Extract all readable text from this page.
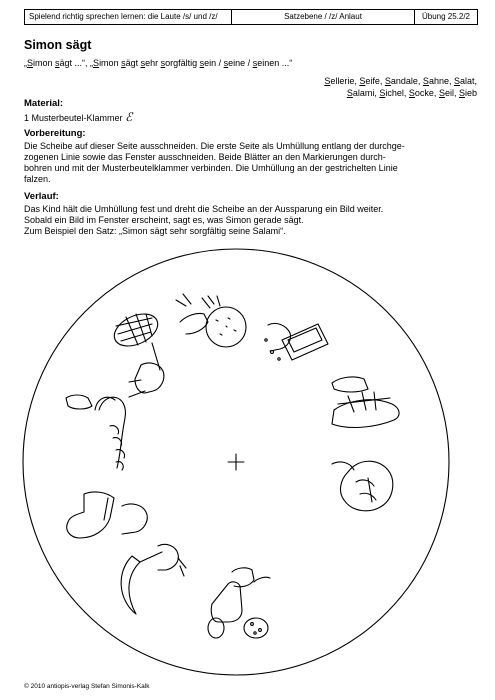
Spielend richtig sprechen lernen: die Laute /s/ und /z/	Satzebene / /z/ Anlaut	Übung 25.2/2
Simon sägt
„Simon sägt ...“, „Simon sägt sehr sorgfältig sein / seine / seinen ...“
Sellerie, Seife, Sandale, Sahne, Salat,
Salami, Sichel, Socke, Seil, Sieb
Material:
1 Musterbeutel-Klammer ℰ
Vorbereitung:
Die Scheibe auf dieser Seite ausschneiden. Die erste Seite als Umhüllung entlang der durchge-
zogenen Linie sowie das Fenster ausschneiden. Beide Blätter an den Markierungen durch-
bohren und mit der Musterbeutelklammer verbinden. Die Umhüllung an der gestrichelten Linie
falzen.
Verlauf:
Das Kind hält die Umhüllung fest und dreht die Scheibe an der Aussparung ein Bild weiter.
Sobald ein Bild im Fenster erscheint, sagt es, was Simon gerade sägt.
Zum Beispiel den Satz: „Simon sägt sehr sorgfältig seine Salami“.
© 2010 antiopis-verlag Stefan Simonis-Kalk
